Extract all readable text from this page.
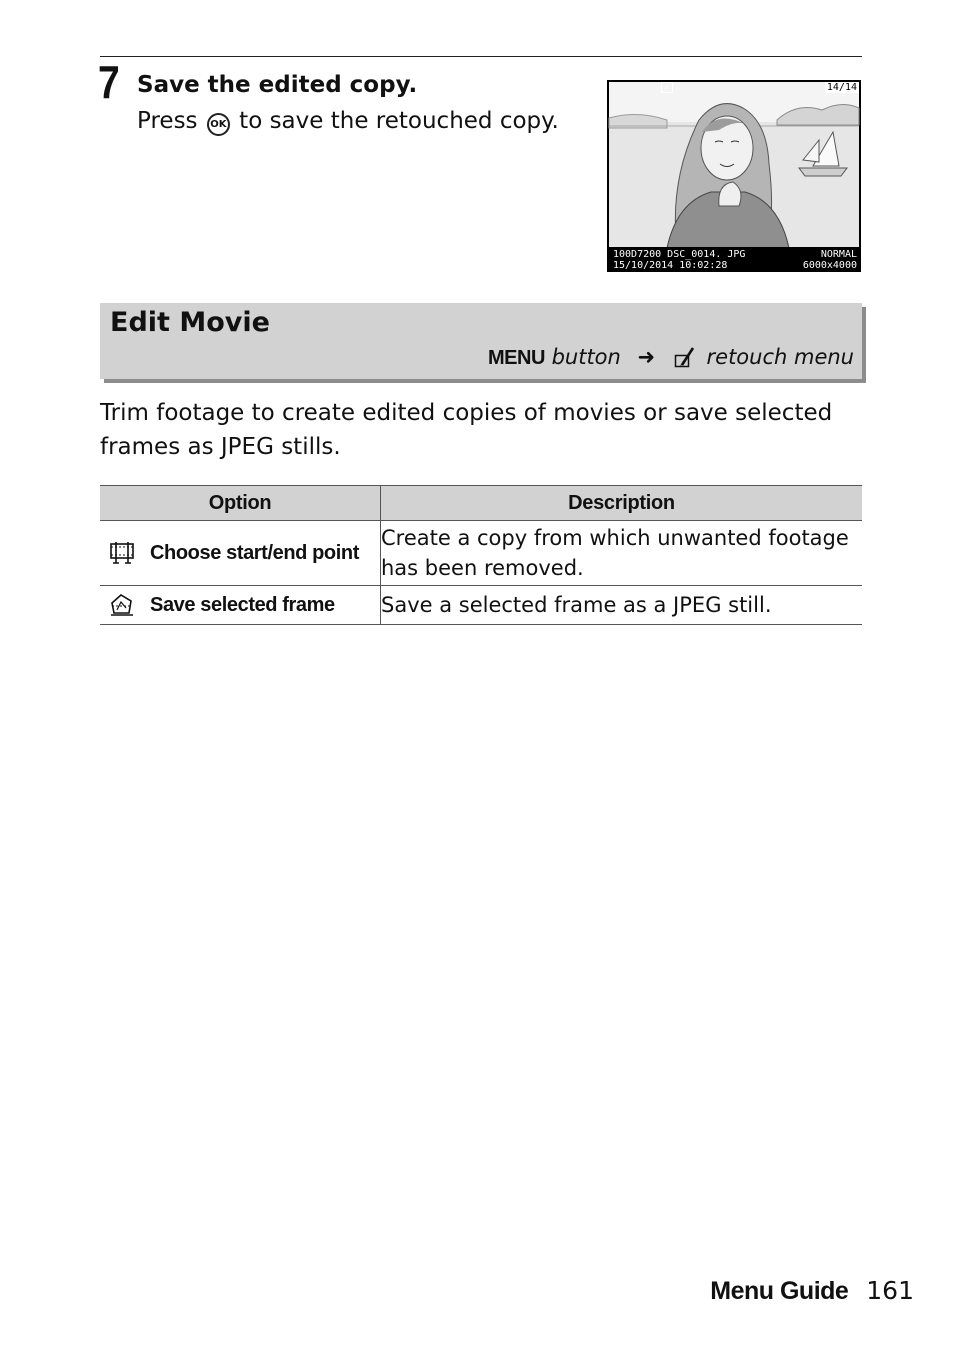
7 Save the edited copy.
Press OK to save the retouched copy.
✓	14/14
100D7200 DSC_0014. JPG	NORMAL
15/10/2014 10:02:28	6000x4000
Edit Movie
MENU button ➜ retouch menu
Trim footage to create edited copies of movies or save selected frames as JPEG stills.
Option	Description

Choose start/end point	Create a copy from which unwanted footage has been removed.

Save selected frame	Save a selected frame as a JPEG still.
Menu Guide 161
